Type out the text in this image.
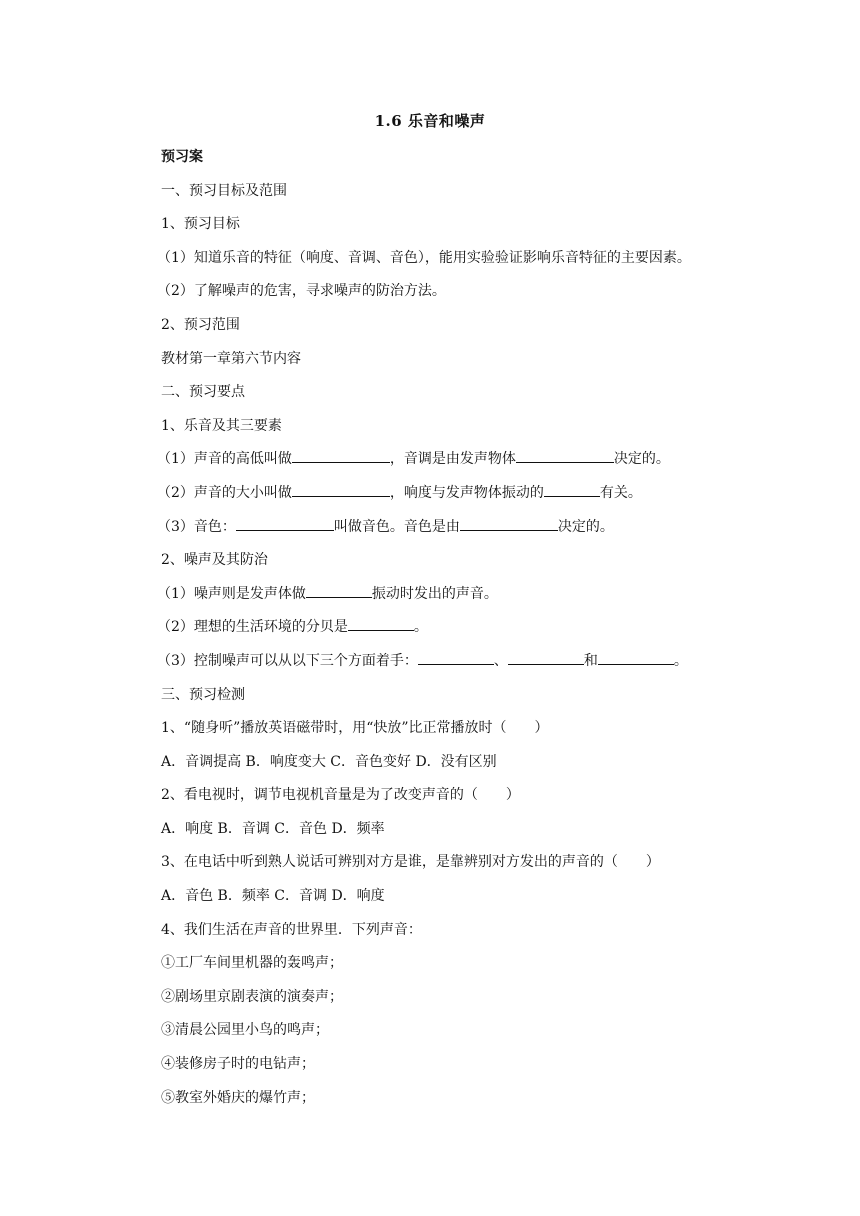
1.6 乐音和噪声
预习案
一、预习目标及范围
1、预习目标
（1）知道乐音的特征（响度、音调、音色），能用实验验证影响乐音特征的主要因素。
（2）了解噪声的危害，寻求噪声的防治方法。
2、预习范围
教材第一章第六节内容
二、预习要点
1、乐音及其三要素
（1）声音的高低叫做	，音调是由发声物体	决定的。
（2）声音的大小叫做	，响度与发声物体振动的	有关。
（3）音色：	叫做音色。音色是由	决定的。
2、噪声及其防治
（1）噪声则是发声体做	振动时发出的声音。
（2）理想的生活环境的分贝是	。
（3）控制噪声可以从以下三个方面着手：	、	和	。
三、预习检测
1、“随身听”播放英语磁带时，用“快放”比正常播放时（　　）
A．音调提高 B．响度变大 C．音色变好 D．没有区别
2、看电视时，调节电视机音量是为了改变声音的（　　）
A．响度 B．音调 C．音色 D．频率
3、在电话中听到熟人说话可辨别对方是谁，是靠辨别对方发出的声音的（　　）
A．音色 B．频率 C．音调 D．响度
4、我们生活在声音的世界里．下列声音：
①工厂车间里机器的轰鸣声；
②剧场里京剧表演的演奏声；
③清晨公园里小鸟的鸣声；
④装修房子时的电钻声；
⑤教室外婚庆的爆竹声；
